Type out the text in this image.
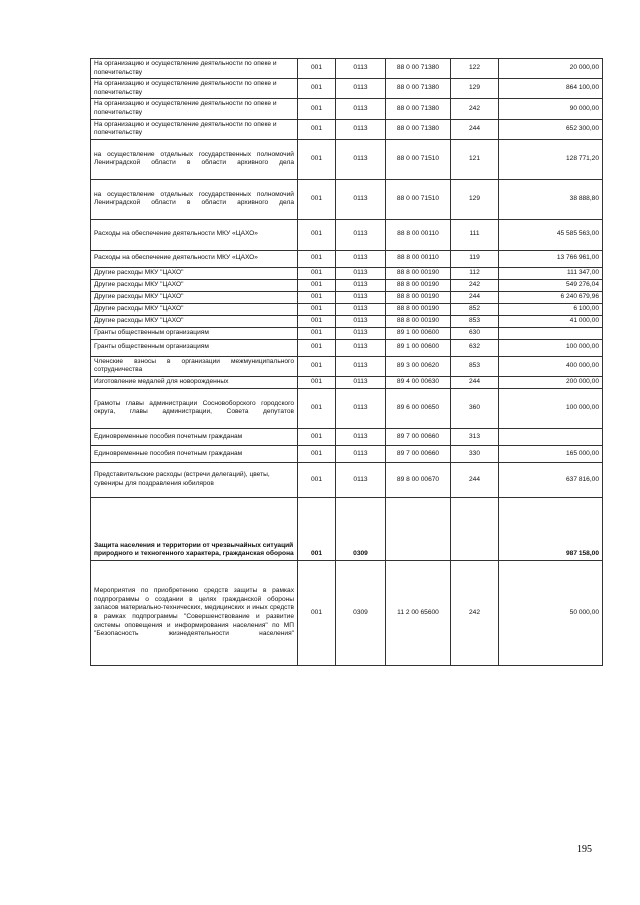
На организацию и осуществление деятельности по опеке и попечительству	001	0113	88 0 00 71380	122	20 000,00
На организацию и осуществление деятельности по опеке и попечительству	001	0113	88 0 00 71380	129	864 100,00
На организацию и осуществление деятельности по опеке и попечительству	001	0113	88 0 00 71380	242	90 000,00
На организацию и осуществление деятельности по опеке и попечительству	001	0113	88 0 00 71380	244	652 300,00
на осуществление отдельных государственных полномочий Ленинградской области в области архивного дела	001	0113	88 0 00 71510	121	128 771,20
на осуществление отдельных государственных полномочий Ленинградской области в области архивного дела	001	0113	88 0 00 71510	129	38 888,80
Расходы на обеспечение деятельности МКУ «ЦАХО»	001	0113	88 8 00 00110	111	45 585 563,00
Расходы на обеспечение деятельности МКУ «ЦАХО»	001	0113	88 8 00 00110	119	13 766 961,00
Другие расходы МКУ "ЦАХО"	001	0113	88 8 00 00190	112	111 347,00
Другие расходы МКУ "ЦАХО"	001	0113	88 8 00 00190	242	549 276,04
Другие расходы МКУ "ЦАХО"	001	0113	88 8 00 00190	244	6 240 679,96
Другие расходы МКУ "ЦАХО"	001	0113	88 8 00 00190	852	6 100,00
Другие расходы МКУ "ЦАХО"	001	0113	88 8 00 00190	853	41 000,00
Гранты общественным организациям	001	0113	89 1 00 00600	630	
Гранты общественным организациям	001	0113	89 1 00 00600	632	100 000,00
Членские взносы в организации межмуниципального сотрудничества	001	0113	89 3 00 00620	853	400 000,00
Изготовление медалей для новорожденных	001	0113	89 4 00 00630	244	200 000,00
Грамоты главы администрации Сосновоборского городского округа, главы администрации, Совета депутатов	001	0113	89 6 00 00650	360	100 000,00
Единовременные пособия почетным гражданам	001	0113	89 7 00 00660	313	
Единовременные пособия почетным гражданам	001	0113	89 7 00 00660	330	165 000,00
Представительские расходы (встречи делегаций), цветы, сувениры для поздравления юбиляров	001	0113	89 8 00 00670	244	637 816,00
Защита населения и территории от чрезвычайных ситуаций природного и техногенного характера, гражданская оборона	001	0309			987 158,00
Мероприятия по приобретению средств защиты в рамках подпрограммы о создании в целях гражданской обороны запасов материально-технических, медицинских и иных средств в рамках подпрограммы "Совершенствование и развитие системы оповещения и информирования населения" по МП "Безопасность жизнедеятельности населения"	001	0309	11 2 00 65600	242	50 000,00
195
